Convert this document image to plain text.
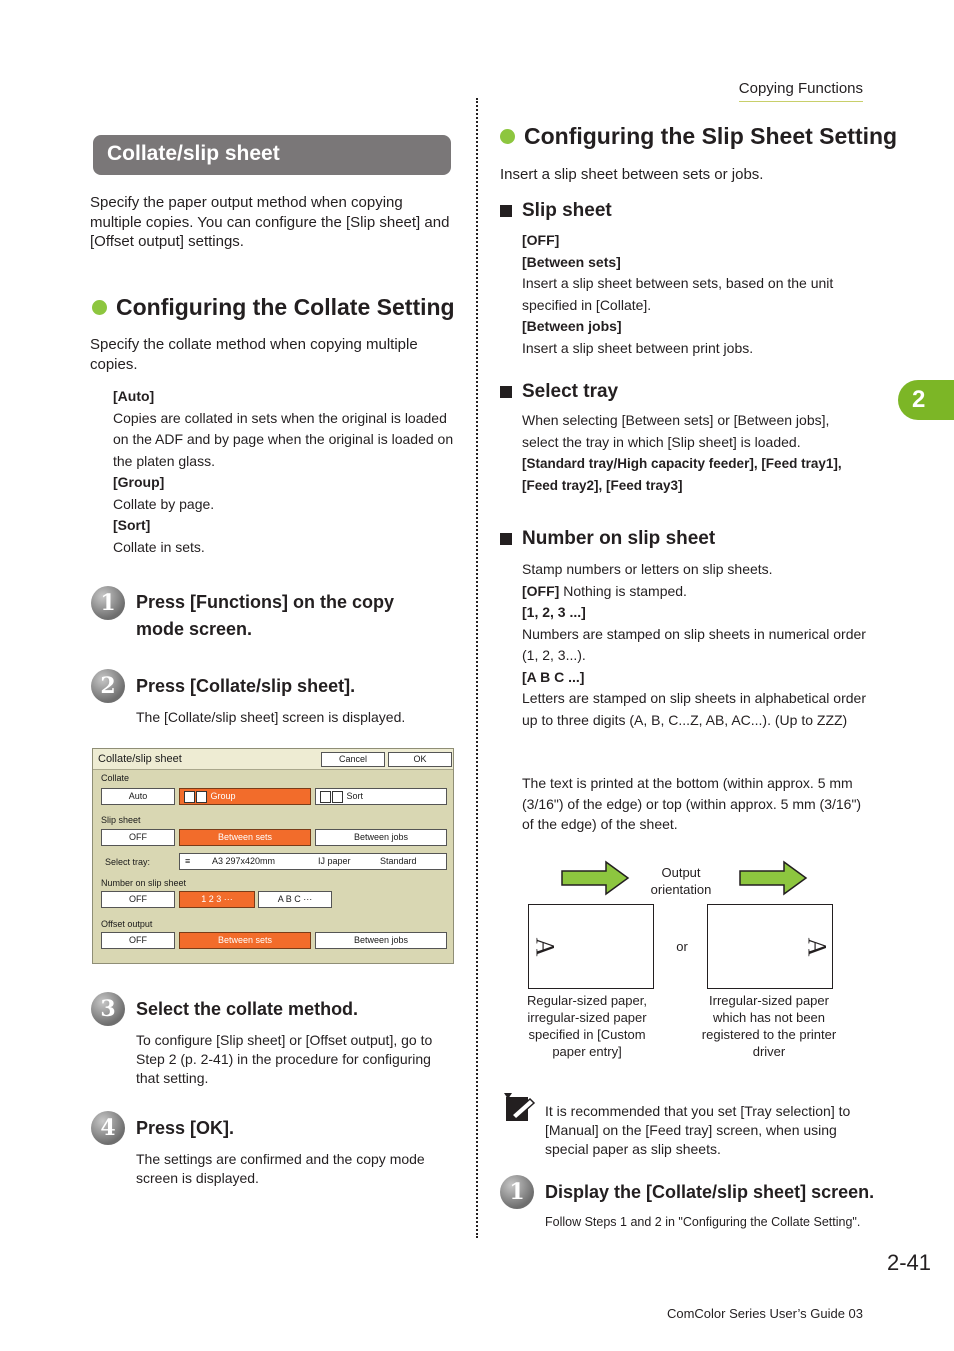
Copying Functions
2
Collate/slip sheet
Specify the paper output method when copying multiple copies. You can configure the [Slip sheet] and [Offset output] settings.
Configuring the Collate Setting
Specify the collate method when copying multiple copies.
[Auto]
Copies are collated in sets when the original is loaded on the ADF and by page when the original is loaded on the platen glass.
[Group]
Collate by page.
[Sort]
Collate in sets.
1	Press [Functions] on the copy mode screen.
2	Press [Collate/slip sheet].
The [Collate/slip sheet] screen is displayed.
Collate/slip sheet	Cancel	OK
Collate
Auto	Group	Sort
Slip sheet
OFF	Between sets	Between jobs
Select tray:	≡ A3 297x420mm	IJ paper	Standard
Number on slip sheet
OFF	1 2 3 ···	A B C ···
Offset output
OFF	Between sets	Between jobs
3	Select the collate method.
To configure [Slip sheet] or [Offset output], go to Step 2 (p. 2-41) in the procedure for configuring that setting.
4	Press [OK].
The settings are confirmed and the copy mode screen is displayed.
Configuring the Slip Sheet Setting
Insert a slip sheet between sets or jobs.
Slip sheet
[OFF]
[Between sets]
Insert a slip sheet between sets, based on the unit specified in [Collate].
[Between jobs]
Insert a slip sheet between print jobs.
Select tray
When selecting [Between sets] or [Between jobs], select the tray in which [Slip sheet] is loaded.
[Standard tray/High capacity feeder], [Feed tray1], [Feed tray2], [Feed tray3]
Number on slip sheet
Stamp numbers or letters on slip sheets.
[OFF] Nothing is stamped.
[1, 2, 3 ...]
Numbers are stamped on slip sheets in numerical order (1, 2, 3...).
[A B C ...]
Letters are stamped on slip sheets in alphabetical order up to three digits (A, B, C...Z, AB, AC...). (Up to ZZZ)
The text is printed at the bottom (within approx. 5 mm (3/16") of the edge) or top (within approx. 5 mm (3/16") of the edge) of the sheet.
Output orientation
A	or	A
Regular-sized paper, irregular-sized paper specified in [Custom paper entry]
Irregular-sized paper which has not been registered to the printer driver
It is recommended that you set [Tray selection] to [Manual] on the [Feed tray] screen, when using special paper as slip sheets.
1	Display the [Collate/slip sheet] screen.
Follow Steps 1 and 2 in "Configuring the Collate Setting".
2-41
ComColor Series User’s Guide 03
